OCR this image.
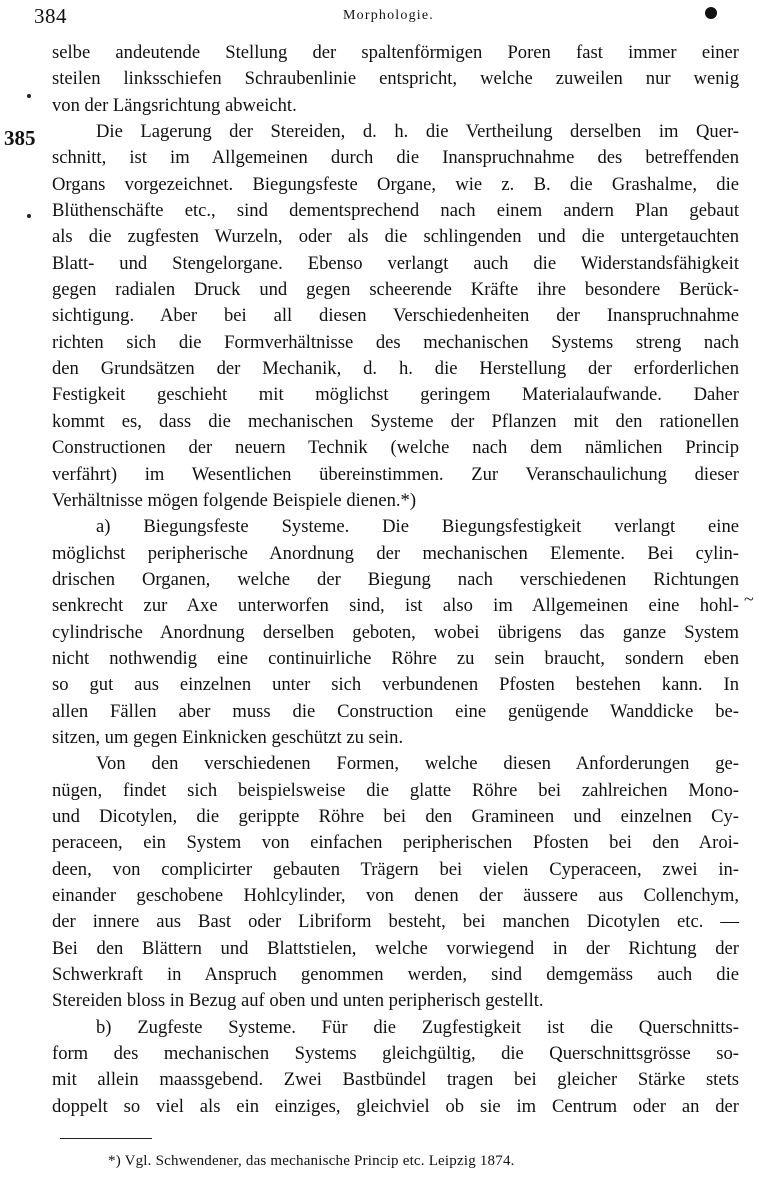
384	Morphologie.
385
~
selbe andeutende Stellung der spaltenförmigen Poren fast immer einer
steilen linksschiefen Schraubenlinie entspricht, welche zuweilen nur wenig
von der Längsrichtung abweicht.
Die Lagerung der Stereiden, d. h. die Vertheilung derselben im Quer-
schnitt, ist im Allgemeinen durch die Inanspruchnahme des betreffenden
Organs vorgezeichnet. Biegungsfeste Organe, wie z. B. die Grashalme, die
Blüthenschäfte etc., sind dementsprechend nach einem andern Plan gebaut
als die zugfesten Wurzeln, oder als die schlingenden und die untergetauchten
Blatt- und Stengelorgane. Ebenso verlangt auch die Widerstandsfähigkeit
gegen radialen Druck und gegen scheerende Kräfte ihre besondere Berück-
sichtigung. Aber bei all diesen Verschiedenheiten der Inanspruchnahme
richten sich die Formverhältnisse des mechanischen Systems streng nach
den Grundsätzen der Mechanik, d. h. die Herstellung der erforderlichen
Festigkeit geschieht mit möglichst geringem Materialaufwande. Daher
kommt es, dass die mechanischen Systeme der Pflanzen mit den rationellen
Constructionen der neuern Technik (welche nach dem nämlichen Princip
verfährt) im Wesentlichen übereinstimmen. Zur Veranschaulichung dieser
Verhältnisse mögen folgende Beispiele dienen.*)
a) Biegungsfeste Systeme. Die Biegungsfestigkeit verlangt eine
möglichst peripherische Anordnung der mechanischen Elemente. Bei cylin-
drischen Organen, welche der Biegung nach verschiedenen Richtungen
senkrecht zur Axe unterworfen sind, ist also im Allgemeinen eine hohl-
cylindrische Anordnung derselben geboten, wobei übrigens das ganze System
nicht nothwendig eine continuirliche Röhre zu sein braucht, sondern eben
so gut aus einzelnen unter sich verbundenen Pfosten bestehen kann. In
allen Fällen aber muss die Construction eine genügende Wanddicke be-
sitzen, um gegen Einknicken geschützt zu sein.
Von den verschiedenen Formen, welche diesen Anforderungen ge-
nügen, findet sich beispielsweise die glatte Röhre bei zahlreichen Mono-
und Dicotylen, die gerippte Röhre bei den Gramineen und einzelnen Cy-
peraceen, ein System von einfachen peripherischen Pfosten bei den Aroi-
deen, von complicirter gebauten Trägern bei vielen Cyperaceen, zwei in-
einander geschobene Hohlcylinder, von denen der äussere aus Collenchym,
der innere aus Bast oder Libriform besteht, bei manchen Dicotylen etc. —
Bei den Blättern und Blattstielen, welche vorwiegend in der Richtung der
Schwerkraft in Anspruch genommen werden, sind demgemäss auch die
Stereiden bloss in Bezug auf oben und unten peripherisch gestellt.
b) Zugfeste Systeme. Für die Zugfestigkeit ist die Querschnitts-
form des mechanischen Systems gleichgültig, die Querschnittsgrösse so-
mit allein maassgebend. Zwei Bastbündel tragen bei gleicher Stärke stets
doppelt so viel als ein einziges, gleichviel ob sie im Centrum oder an der
*) Vgl. Schwendener, das mechanische Princip etc. Leipzig 1874.
